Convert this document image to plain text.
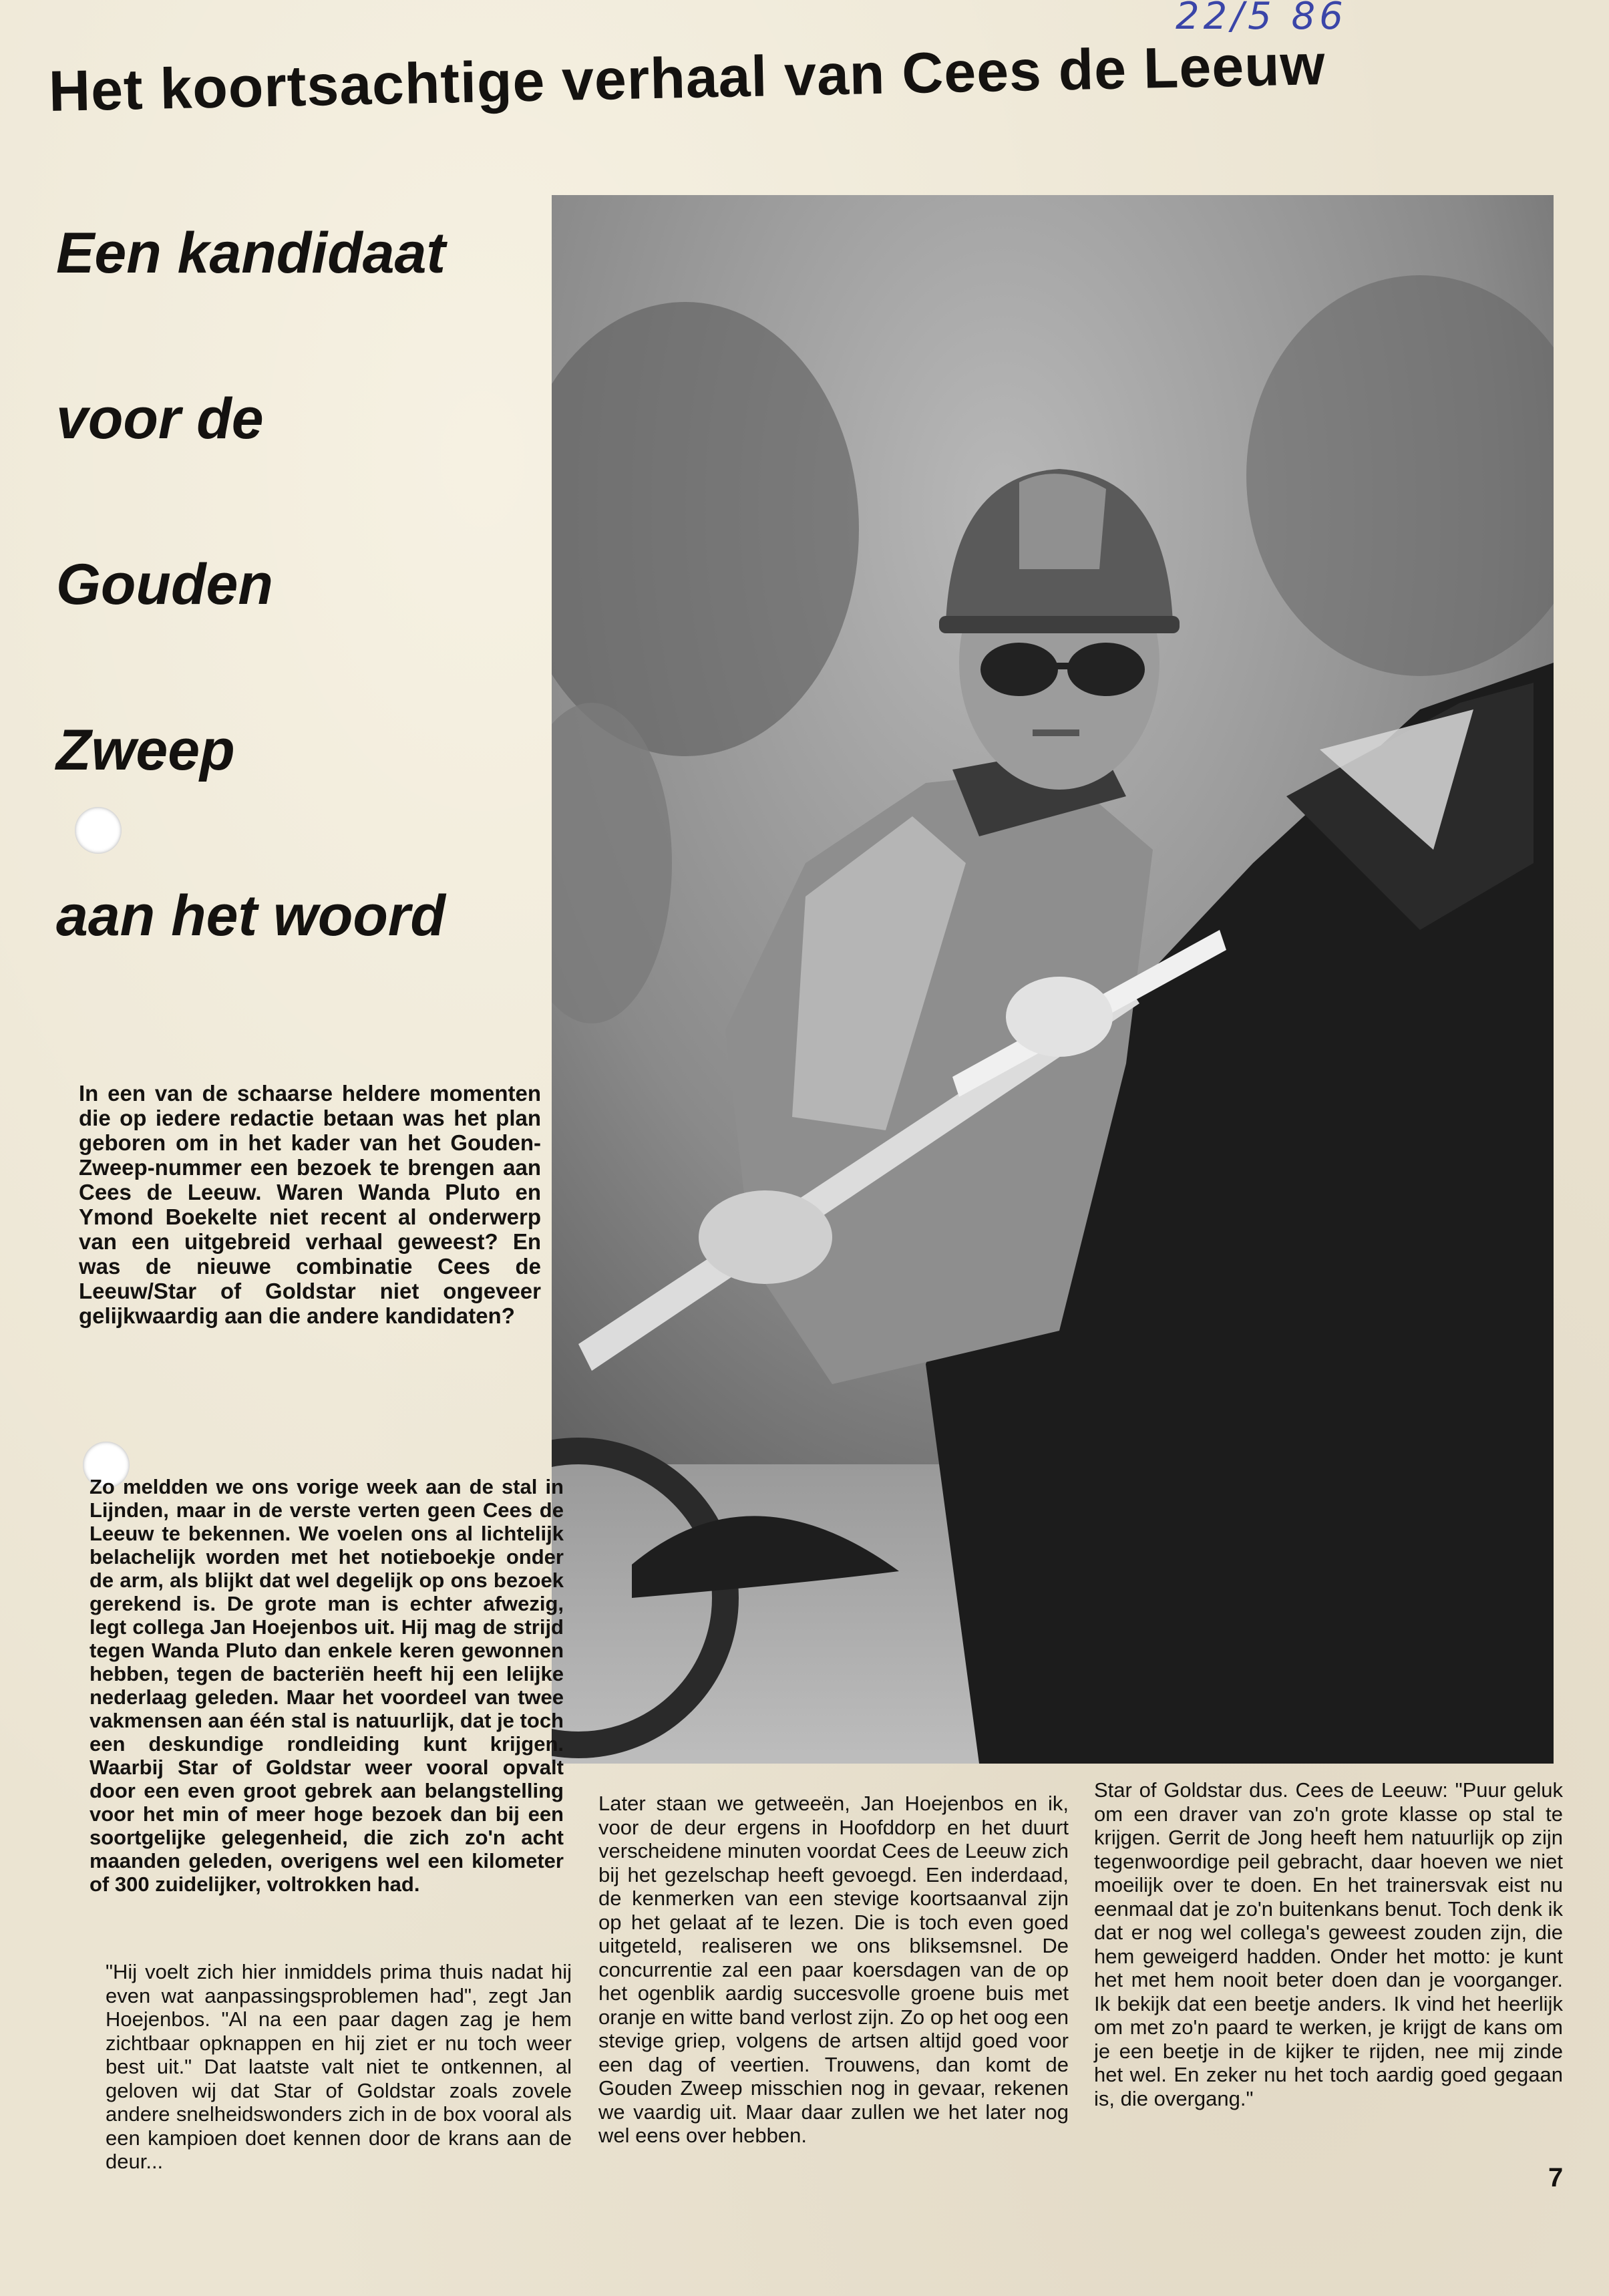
22/5 86
Het koortsachtige verhaal van Cees de Leeuw
Een kandidaat
voor de
Gouden
Zweep
aan het woord
In een van de schaarse heldere momenten die op iedere redactie betaan was het plan geboren om in het kader van het Gouden-Zweep-nummer een bezoek te brengen aan Cees de Leeuw. Waren Wanda Pluto en Ymond Boekelte niet recent al onderwerp van een uitgebreid verhaal geweest? En was de nieuwe combinatie Cees de Leeuw/Star of Goldstar niet ongeveer gelijkwaardig aan die andere kandidaten?
Zo meldden we ons vorige week aan de stal in Lijnden, maar in de verste verten geen Cees de Leeuw te bekennen. We voelen ons al lichtelijk belachelijk worden met het notieboekje onder de arm, als blijkt dat wel degelijk op ons bezoek gerekend is. De grote man is echter afwezig, legt collega Jan Hoejenbos uit. Hij mag de strijd tegen Wanda Pluto dan enkele keren gewonnen hebben, tegen de bacteriën heeft hij een lelijke nederlaag geleden. Maar het voordeel van twee vakmensen aan één stal is natuurlijk, dat je toch een deskundige rondleiding kunt krijgen. Waarbij Star of Goldstar weer vooral opvalt door een even groot gebrek aan belangstelling voor het min of meer hoge bezoek dan bij een soortgelijke gelegenheid, die zich zo'n acht maanden geleden, overigens wel een kilometer of 300 zuidelijker, voltrokken had.
"Hij voelt zich hier inmiddels prima thuis nadat hij even wat aanpassingsproblemen had", zegt Jan Hoejenbos. "Al na een paar dagen zag je hem zichtbaar opknappen en hij ziet er nu toch weer best uit." Dat laatste valt niet te ontkennen, al geloven wij dat Star of Goldstar zoals zovele andere snelheidswonders zich in de box vooral als een kampioen doet kennen door de krans aan de deur...
Later staan we getweeën, Jan Hoejenbos en ik, voor de deur ergens in Hoofddorp en het duurt verscheidene minuten voordat Cees de Leeuw zich bij het gezelschap heeft gevoegd. Een inderdaad, de kenmerken van een stevige koortsaanval zijn op het gelaat af te lezen. Die is toch even goed uitgeteld, realiseren we ons bliksemsnel. De concurrentie zal een paar koersdagen van de op het ogenblik aardig succesvolle groene buis met oranje en witte band verlost zijn. Zo op het oog een stevige griep, volgens de artsen altijd goed voor een dag of veertien. Trouwens, dan komt de Gouden Zweep misschien nog in gevaar, rekenen we vaardig uit. Maar daar zullen we het later nog wel eens over hebben.
Star of Goldstar dus. Cees de Leeuw: "Puur geluk om een draver van zo'n grote klasse op stal te krijgen. Gerrit de Jong heeft hem natuurlijk op zijn tegenwoordige peil gebracht, daar hoeven we niet moeilijk over te doen. En het trainersvak eist nu eenmaal dat je zo'n buitenkans benut. Toch denk ik dat er nog wel collega's geweest zouden zijn, die hem geweigerd hadden. Onder het motto: je kunt het met hem nooit beter doen dan je voorganger. Ik bekijk dat een beetje anders. Ik vind het heerlijk om met zo'n paard te werken, je krijgt de kans om je een beetje in de kijker te rijden, nee mij zinde het wel. En zeker nu het toch aardig goed gegaan is, die overgang."
7
